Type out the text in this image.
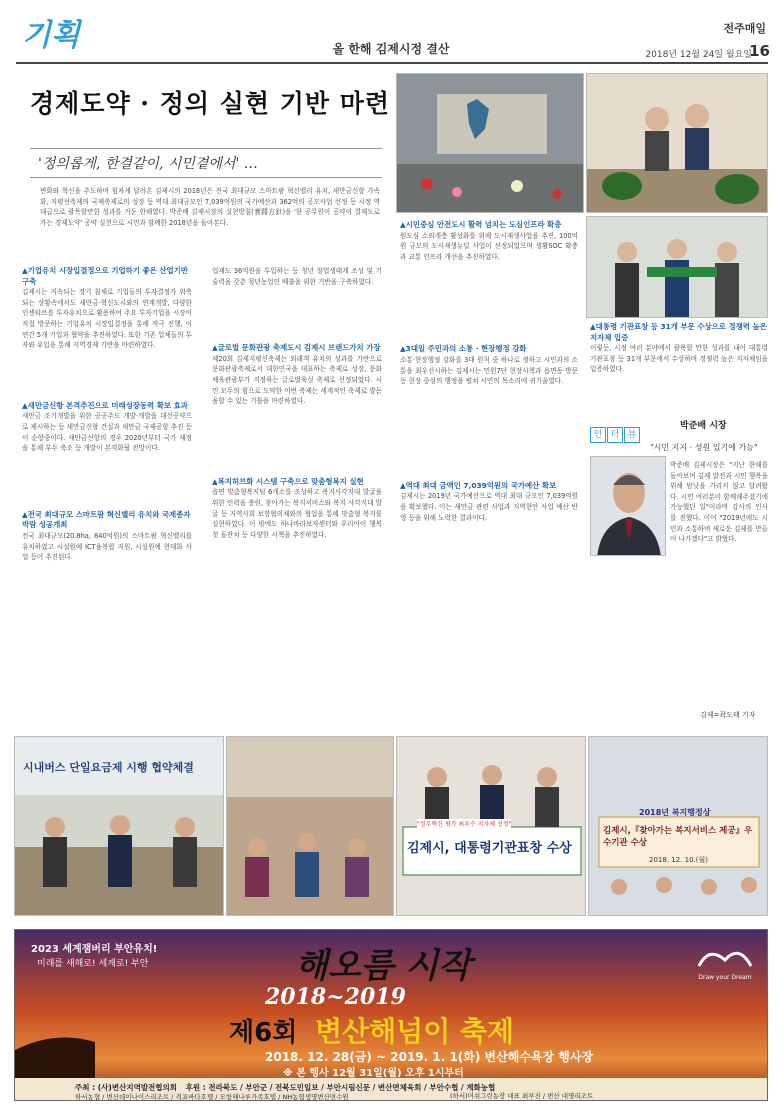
기획	올 한해 김제시정 결산
전주매일
2018년 12월 24일 월요일
16
경제도약 · 정의 실현 기반 마련
'정의롭게, 한결같이, 시민곁에서' …
변화와 혁신을 주도하며 힘차게 달려온 김제시의 2018년은 전국 최대규모 스마트팜 혁신밸리 유치, 새만금신항 가속화, 지평선축제의 국제축제로의 성장 등 역대 최대규모인 7,039억원의 국가예산과 362억의 공모사업 선정 등 시정 역대급으로 괄목할만한 성과를 거둔 한해였다. 박준배 김제시장의 실천방침(實踐方針)을 '한 공무원이 공약이 결재도로 가는 경제도약' 공약 실천으로 시민과 함께한 2018년을 돌아본다.
▲기업유치 시장입결정으로 기업하기 좋은 산업기반 구축
김제시는 지속되는 경기 침체로 기업들의 투자결정가 위축되는 상황속에서도 새만금·혁신도시와의 연계개발, 다양한 인센티브를 투자유치으로 활용하여 주요 투자기업을 시장이 직접 방문하는 기업유치 시장입결정을 통해 적극 진행, 이 연간 5개 기업과 협약을 추진하였다. 또한 기존 업체들의 투자와 유입을 통해 지역경제 기반을 마련하였다.
▲새만금신항 본격추진으로 미래성장동력 확보 효과
새만금 조기개발을 위한 공공주도 개발·개발을 대선공약으로 제시하는 등 새만금신항 건설과 새만금 국제공항 추진 등이 순항중이다. 새만금신항의 경우 2020년부터 국가 재정을 통해 부두 축조 등 개발이 본격화될 전망이다.
▲전국 최대규모 스마트팜 혁신밸리 유치와 국제종자박람 성공개최
전국 최대규모(20.8ha, 840억원)의 스마트팜 혁신밸리를 유치하였고 시설원예 ICT융복합 지원, 시설원예 현대화 사업 등이 추진된다.
업재도 36억원을 투입하는 등 청년 창업생태계 조성 및 기술력을 갖춘 청년농업인 배출을 위한 기반을 구축하였다.
▲글로벌 문화관광 축제도시 김제시 브랜드가치 가장
제20회 김제지평선축제는 외래객 유치의 성과를 기반으로 문화관광축제로서 대한민국을 대표하는 축제로 성장, 문화체육관광부가 지정하는 글로벌육성 축제로 선정되었다. 시민 모두의 힘으로 도약한 이번 축제는 세계적인 축제로 발돋움할 수 있는 기틀을 마련하였다.
▲복지허브화 시스템 구축으로 맞춤형복지 실현
읍면 맞춤형복지팀 6개소를 조성하고 복지사각지대 발굴을 위한 인력을 충원, 찾아가는 복지서비스와 복지 사각지대 발굴 등 지역사회 보장협의체와의 협업을 통해 맞춤형 복지를 실현하였다. 이 밖에도 하나바라보자센터와 우리아이 행복 첫 돌잔치 등 다양한 시책을 추진하였다.
▲시민중심 안전도시 활력 넘치는 도심인프라 확충
원도심 소외계층 활성화를 위해 도시재생사업을 추진, 100억원 규모의 도시재생뉴딜 사업이 선정되었으며 생활SOC 확충과 교통 인프라 개선을 추진하였다.
▲3대일 주민과의 소통 · 현장행정 강화
소통·현장행정 강화를 3대 원칙 중 하나로 정하고 시민과의 소통을 최우선시하는 김제시는 민원7단 현장시책과 읍면동 방문 등 현장 중심의 행정을 펼쳐 시민의 목소리에 귀기울였다.
▲역대 최대 금액인 7,039억원의 국가예산 확보
김제시는 2019년 국가예산으로 역대 최대 규모인 7,039억원을 확보했다. 이는 새만금 관련 사업과 지역현안 사업 예산 반영 등을 위해 노력한 결과이다.
▲대통령 기관표창 등 31개 부문 수상으로 경쟁력 높은 지자체 입증
이렇듯, 시정 여러 분야에서 괄목할 만한 성과를 내어 대통령 기관표창 등 31개 부문에서 수상하며 경쟁력 높은 지자체임을 입증하였다.
인 터 뷰
박준배 시장
"시민 지지 · 성원 있기에 가능"
박준배 김제시장은 "지난 한해를 돌아보며 김제 발전과 시민 행복을 위해 밤낮을 가리지 않고 달려왔다. 시민 여러분이 함께해주셨기에 가능했던 일"이라며 감사의 인사를 전했다. 이어 "2019년에도 시민과 소통하며 새로운 김제를 만들어 나가겠다"고 밝혔다.
김제=곽도태 기자
시내버스 단일요금제 시행 협약체결
"정부혁신 평가 최우수 지자체 선정"
김제시, 대통령기관표창 수상
2018년 복지행정상
김제시,『찾아가는 복지서비스 제공』우수기관 수상
2018. 12. 10.(월)
2023 세계잼버리 부안유치!
미래를 새해로! 세계로! 부안	해오름 시작
2018~2019
제6회 변산해넘이 축제
2018. 12. 28(금) ~ 2019. 1. 1(화) 변산해수욕장 행사장
※ 본 행사 12월 31일(월) 오후 1시부터
Draw your Dream
주최 : (사)변산지역발전협의회 후원 : 전라북도 / 부안군 / 전북도민일보 / 부안시림신문 / 변산면체육회 / 부안수협 / 계화농협
하서농협 / 변산데이나이스리조트 / 격포바다호텔 / 모항해나루가족호텔 / NH농협생명변산면수원	(하서)머쉬그린농장 대표 최부진 / 변산 대명리조트
